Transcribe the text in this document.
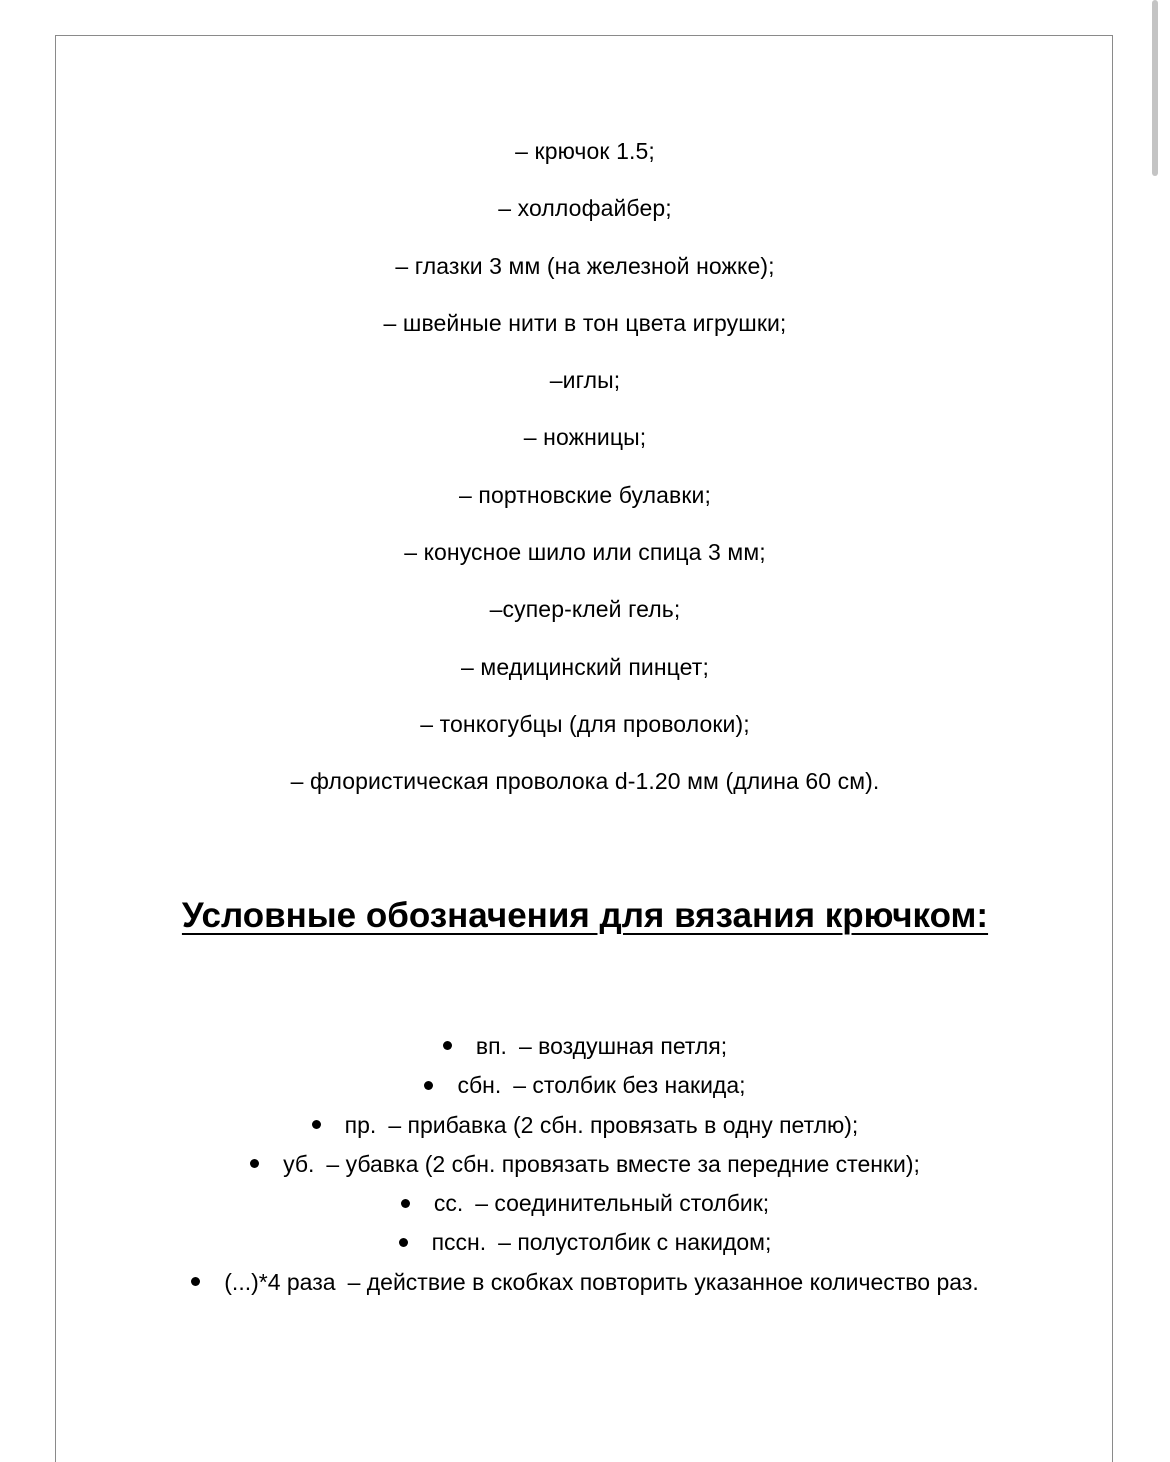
– крючок 1.5;
– холлофайбер;
– глазки 3 мм (на железной ножке);
– швейные нити в тон цвета игрушки;
–иглы;
– ножницы;
– портновские булавки;
– конусное шило или спица 3 мм;
–супер-клей гель;
– медицинский пинцет;
– тонкогубцы (для проволоки);
– флористическая проволока d-1.20 мм (длина 60 см).
Условные обозначения для вязания крючком:
вп. – воздушная петля;
сбн. – столбик без накида;
пр. – прибавка (2 сбн. провязать в одну петлю);
уб. – убавка (2 сбн. провязать вместе за передние стенки);
сс. – соединительный столбик;
пссн. – полустолбик с накидом;
(...)*4 раза – действие в скобках повторить указанное количество раз.
